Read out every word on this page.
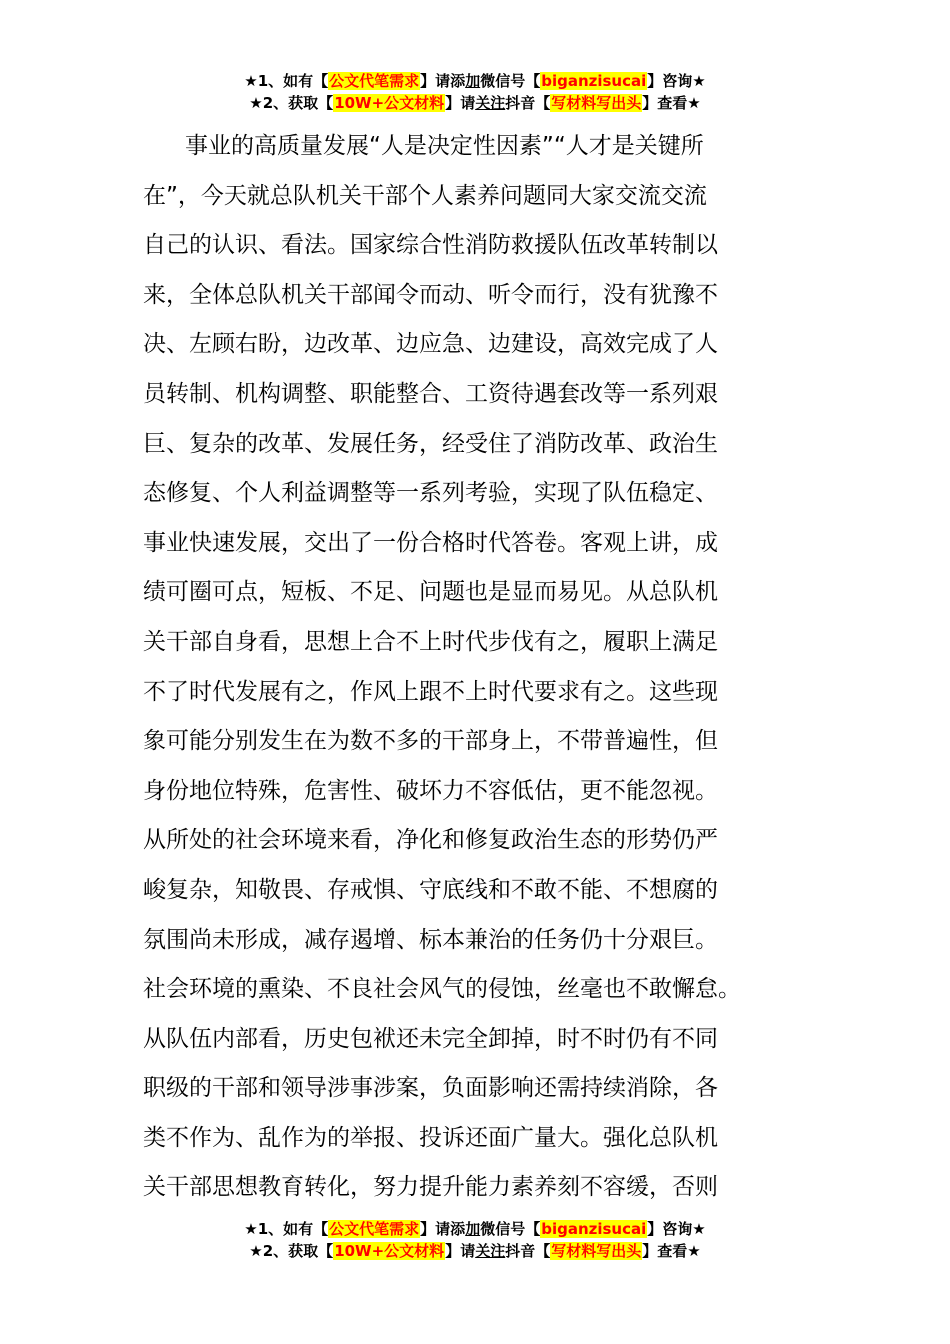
★1、如有【公文代笔需求】请添加微信号【biganzisucai】咨询★
★2、获取【10W+公文材料】请关注抖音【写材料写出头】查看★
事业的高质量发展“人是决定性因素”“人才是关键所
在”，今天就总队机关干部个人素养问题同大家交流交流
自己的认识、看法。国家综合性消防救援队伍改革转制以
来，全体总队机关干部闻令而动、听令而行，没有犹豫不
决、左顾右盼，边改革、边应急、边建设，高效完成了人
员转制、机构调整、职能整合、工资待遇套改等一系列艰
巨、复杂的改革、发展任务，经受住了消防改革、政治生
态修复、个人利益调整等一系列考验，实现了队伍稳定、
事业快速发展，交出了一份合格时代答卷。客观上讲，成
绩可圈可点，短板、不足、问题也是显而易见。从总队机
关干部自身看，思想上合不上时代步伐有之，履职上满足
不了时代发展有之，作风上跟不上时代要求有之。这些现
象可能分别发生在为数不多的干部身上，不带普遍性，但
身份地位特殊，危害性、破坏力不容低估，更不能忽视。
从所处的社会环境来看，净化和修复政治生态的形势仍严
峻复杂，知敬畏、存戒惧、守底线和不敢不能、不想腐的
氛围尚未形成，减存遏增、标本兼治的任务仍十分艰巨。
社会环境的熏染、不良社会风气的侵蚀，丝毫也不敢懈怠。
从队伍内部看，历史包袱还未完全卸掉，时不时仍有不同
职级的干部和领导涉事涉案，负面影响还需持续消除，各
类不作为、乱作为的举报、投诉还面广量大。强化总队机
关干部思想教育转化，努力提升能力素养刻不容缓，否则
★1、如有【公文代笔需求】请添加微信号【biganzisucai】咨询★
★2、获取【10W+公文材料】请关注抖音【写材料写出头】查看★
